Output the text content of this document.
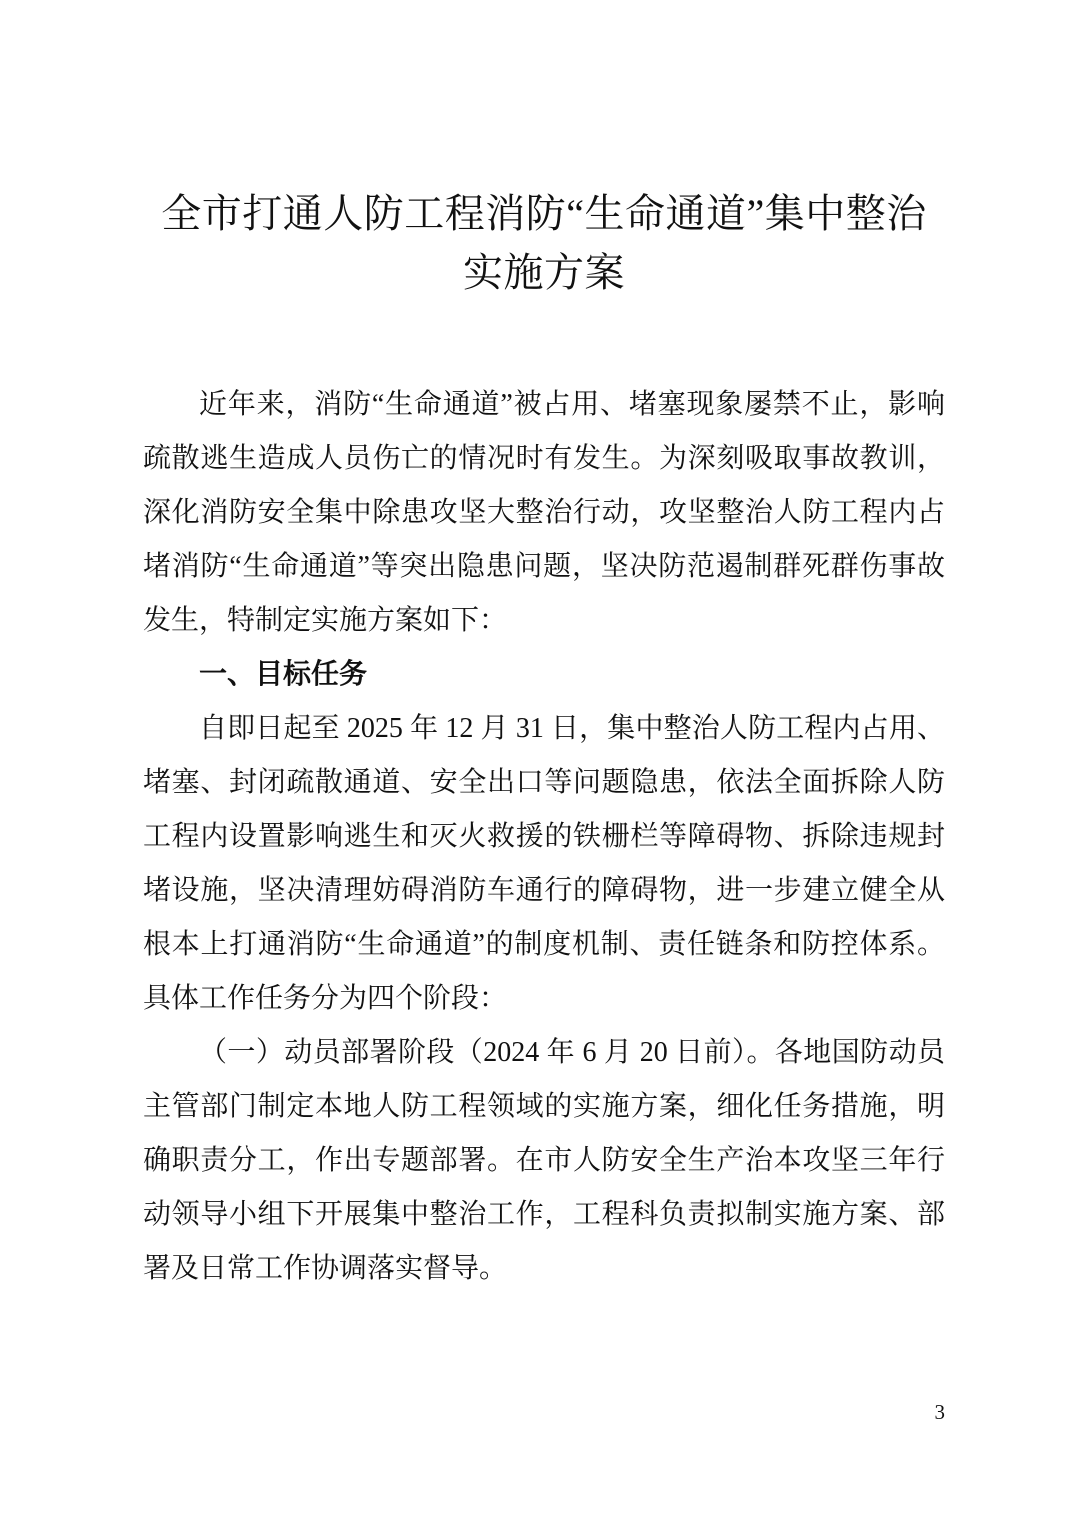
全市打通人防工程消防“生命通道”集中整治
实施方案

近年来，消防“生命通道”被占用、堵塞现象屡禁不止，影响疏散逃生造成人员伤亡的情况时有发生。为深刻吸取事故教训，深化消防安全集中除患攻坚大整治行动，攻坚整治人防工程内占堵消防“生命通道”等突出隐患问题，坚决防范遏制群死群伤事故发生，特制定实施方案如下：

一、目标任务

自即日起至 2025 年 12 月 31 日，集中整治人防工程内占用、堵塞、封闭疏散通道、安全出口等问题隐患，依法全面拆除人防工程内设置影响逃生和灭火救援的铁栅栏等障碍物、拆除违规封堵设施，坚决清理妨碍消防车通行的障碍物，进一步建立健全从根本上打通消防“生命通道”的制度机制、责任链条和防控体系。具体工作任务分为四个阶段：

（一）动员部署阶段（2024 年 6 月 20 日前）。各地国防动员主管部门制定本地人防工程领域的实施方案，细化任务措施，明确职责分工，作出专题部署。在市人防安全生产治本攻坚三年行动领导小组下开展集中整治工作，工程科负责拟制实施方案、部署及日常工作协调落实督导。

3
